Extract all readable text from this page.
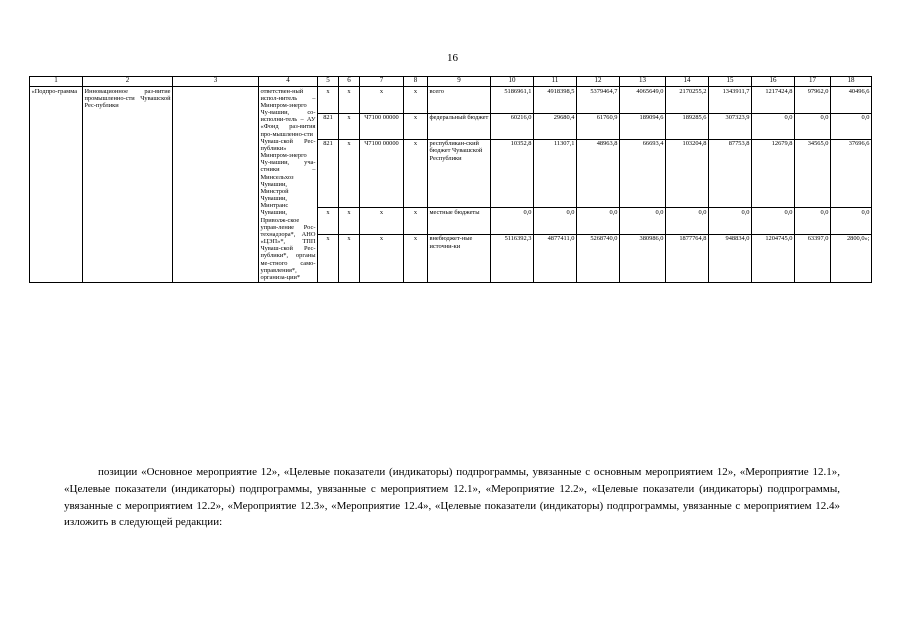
16
1	2	3	4	5	6	7	8	9	10	11	12	13	14	15	16	17	18
«Подпро-грамма	Инновационное раз-витие промышленно-сти Чувашской Рес-публики		ответствен-ный испол-нитель – Минпром-энерго Чу-вашии, со-исполни-тель – АУ «Фонд раз-вития про-мышленно-сти Чуваш-ской Рес-публики» Минпром-энерго Чу-вашии, уча-стники – Минсельхоз Чувашии, Минстрой Чувашии, Минтранс Чувашии, Приволж-ское управ-ление Рос-технадзора*, АНО «ЦЭП»*, ТПП Чуваш-ской Рес-публики*, органы ме-стного само-управления*, организа-ции*	x	x	x	x	всего	5186961,1	4918398,5	5379464,7	4065649,0	2170255,2	1343911,7	1217424,8	97962,0	40496,6
				821	x	Ч7100 00000	x	федеральный бюджет	60216,0	29680,4	61760,9	189094,6	189285,6	307323,9	0,0	0,0	0,0
				821	x	Ч7100 00000	x	республикан-ский бюджет Чувашской Республики	10352,8	11307,1	48963,8	66693,4	103204,8	87753,8	12679,8	34565,0	37696,6
				x	x	x	x	местные бюджеты	0,0	0,0	0,0	0,0	0,0	0,0	0,0	0,0	0,0
				x	x	x	x	внебюджет-ные источни-ки	5116392,3	4877411,0	5268740,0	380986,0	1877764,8	948834,0	1204745,0	63397,0	2800,0»;

позиции «Основное мероприятие 12», «Целевые показатели (индикаторы) подпрограммы, увязанные с основным мероприятием 12», «Мероприятие 12.1», «Целевые показатели (индикаторы) подпрограммы, увязанные с мероприятием 12.1», «Мероприятие 12.2», «Целевые показатели (индикаторы) подпрограммы, увязанные с мероприятием 12.2», «Мероприятие 12.3», «Мероприятие 12.4», «Целевые показатели (индикаторы) подпрограммы, увязанные с мероприятием 12.4» изложить в следующей редакции:
